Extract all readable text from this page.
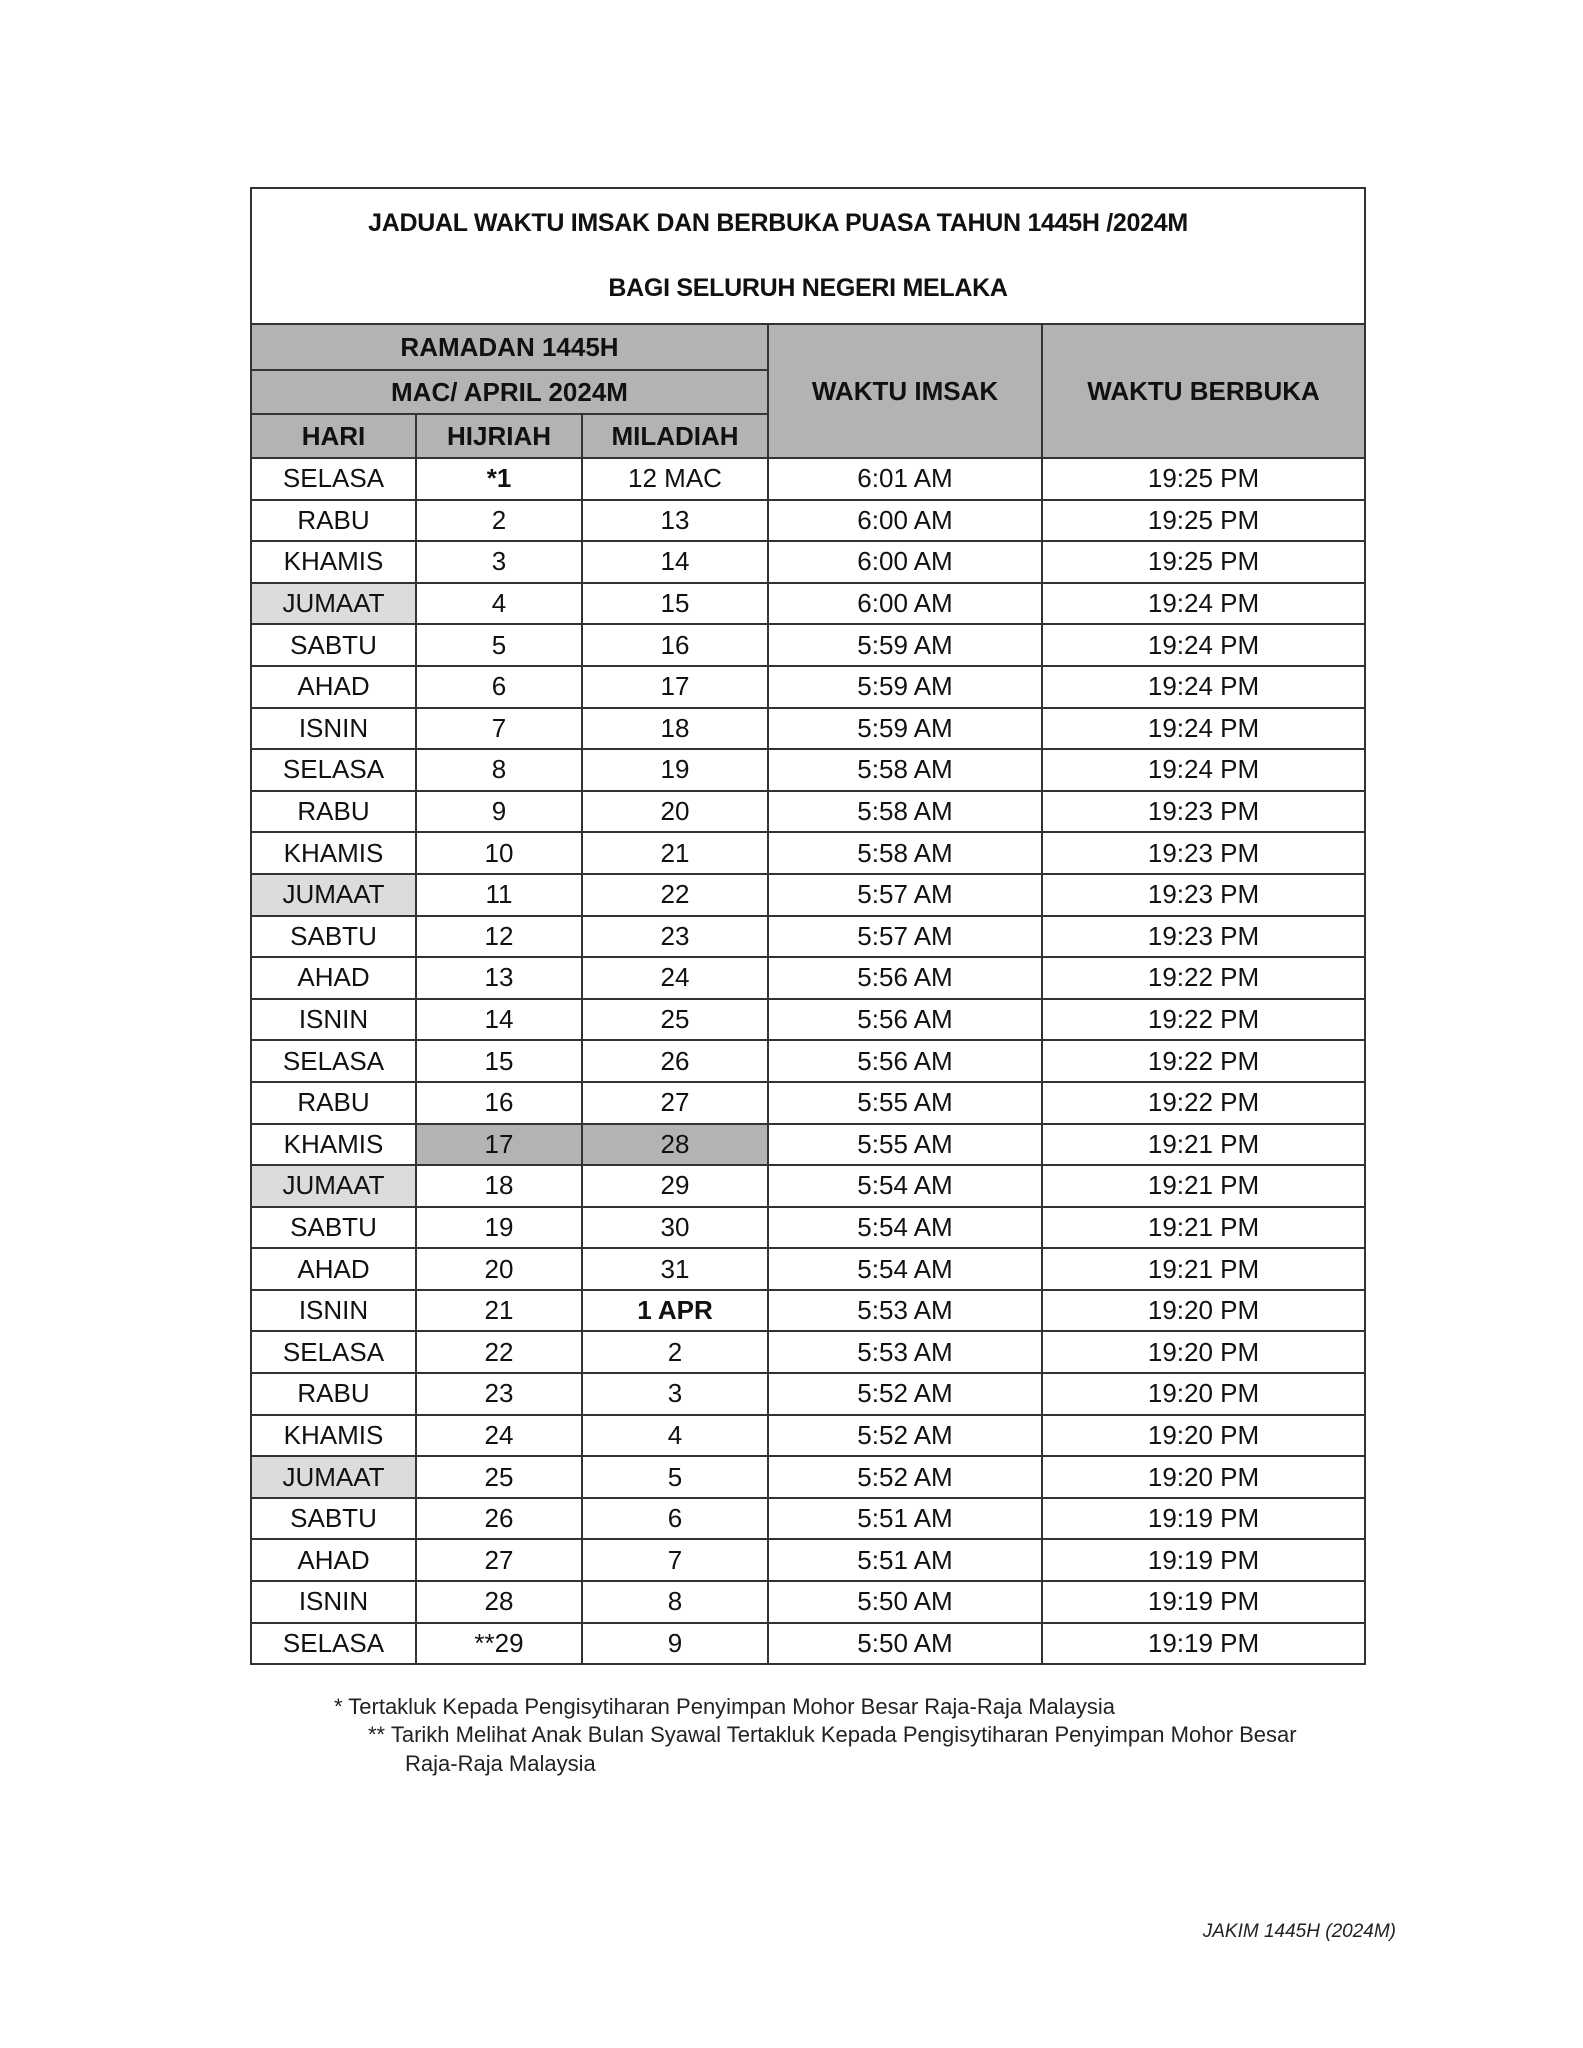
JADUAL WAKTU IMSAK DAN BERBUKA PUASA TAHUN 1445H /2024M
BAGI SELURUH NEGERI MELAKA				

RAMADAN 1445H			WAKTU IMSAK	WAKTU BERBUKA
MAC/ APRIL 2024M				
HARI	HIJRIAH	MILADIAH		
SELASA	*1	12 MAC	6:01 AM	19:25 PM
RABU	2	13	6:00 AM	19:25 PM
KHAMIS	3	14	6:00 AM	19:25 PM
JUMAAT	4	15	6:00 AM	19:24 PM
SABTU	5	16	5:59 AM	19:24 PM
AHAD	6	17	5:59 AM	19:24 PM
ISNIN	7	18	5:59 AM	19:24 PM
SELASA	8	19	5:58 AM	19:24 PM
RABU	9	20	5:58 AM	19:23 PM
KHAMIS	10	21	5:58 AM	19:23 PM
JUMAAT	11	22	5:57 AM	19:23 PM
SABTU	12	23	5:57 AM	19:23 PM
AHAD	13	24	5:56 AM	19:22 PM
ISNIN	14	25	5:56 AM	19:22 PM
SELASA	15	26	5:56 AM	19:22 PM
RABU	16	27	5:55 AM	19:22 PM
KHAMIS	17	28	5:55 AM	19:21 PM
JUMAAT	18	29	5:54 AM	19:21 PM
SABTU	19	30	5:54 AM	19:21 PM
AHAD	20	31	5:54 AM	19:21 PM
ISNIN	21	1 APR	5:53 AM	19:20 PM
SELASA	22	2	5:53 AM	19:20 PM
RABU	23	3	5:52 AM	19:20 PM
KHAMIS	24	4	5:52 AM	19:20 PM
JUMAAT	25	5	5:52 AM	19:20 PM
SABTU	26	6	5:51 AM	19:19 PM
AHAD	27	7	5:51 AM	19:19 PM
ISNIN	28	8	5:50 AM	19:19 PM
SELASA	**29	9	5:50 AM	19:19 PM
* Tertakluk Kepada Pengisytiharan Penyimpan Mohor Besar Raja-Raja Malaysia
** Tarikh Melihat Anak Bulan Syawal Tertakluk Kepada Pengisytiharan Penyimpan Mohor Besar
Raja-Raja Malaysia
JAKIM 1445H (2024M)
